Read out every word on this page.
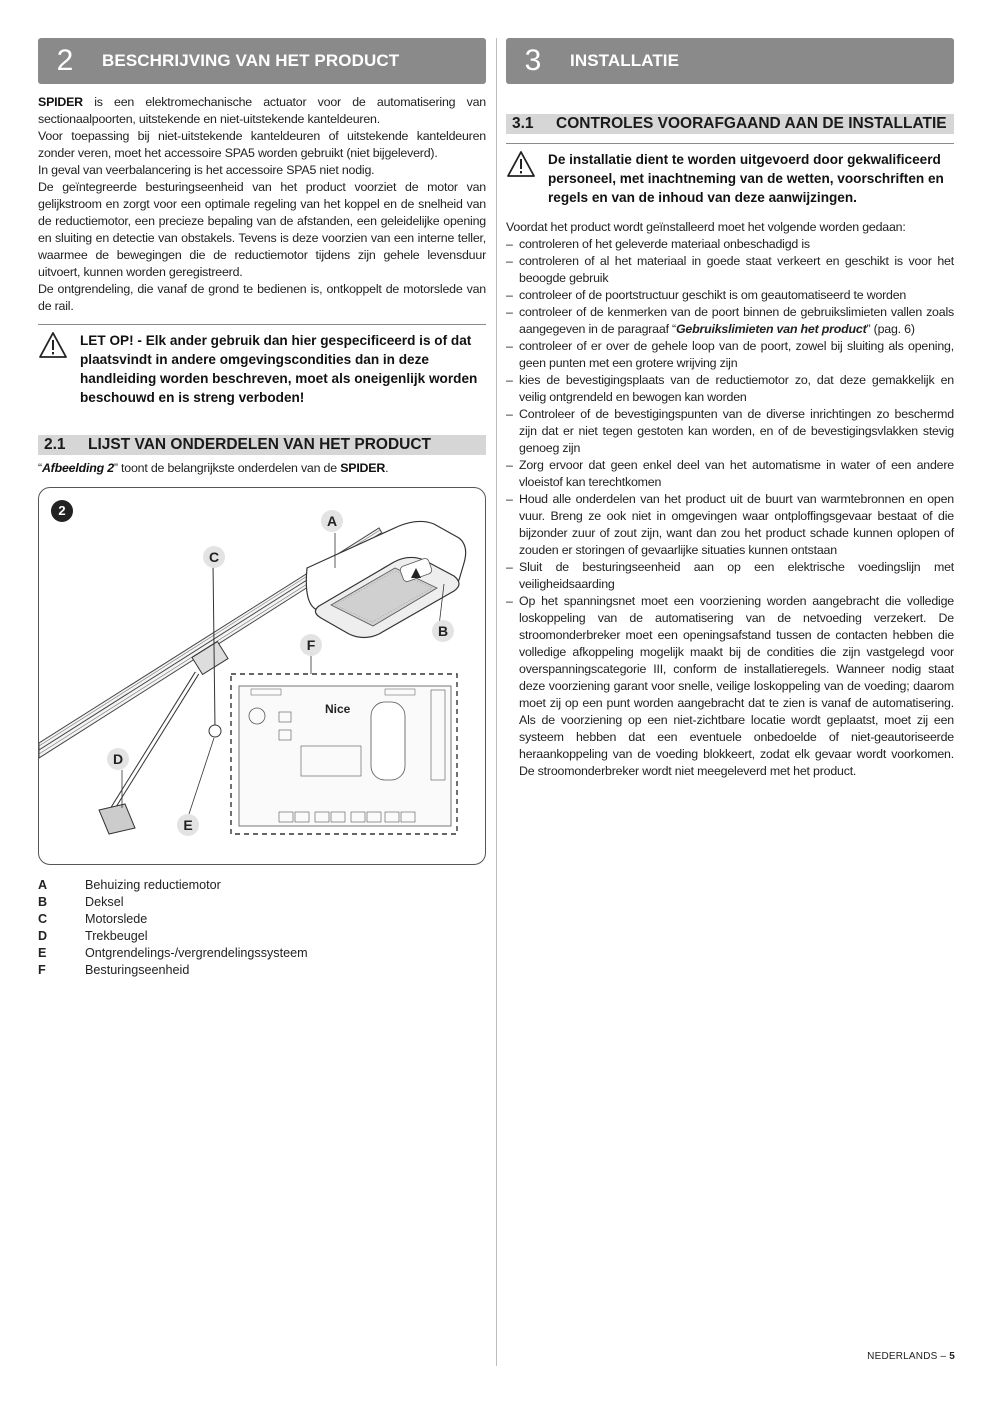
2	BESCHRIJVING VAN HET PRODUCT

SPIDER is een elektromechanische actuator voor de automatisering van sectionaalpoorten, uitstekende en niet-uitstekende kanteldeuren.

Voor toepassing bij niet-uitstekende kanteldeuren of uitstekende kanteldeuren zonder veren, moet het accessoire SPA5 worden gebruikt (niet bijgeleverd).

In geval van veerbalancering is het accessoire SPA5 niet nodig.

De geïntegreerde besturingseenheid van het product voorziet de motor van gelijkstroom en zorgt voor een optimale regeling van het koppel en de snelheid van de reductiemotor, een precieze bepaling van de afstanden, een geleidelijke opening en sluiting en detectie van obstakels. Tevens is deze voorzien van een interne teller, waarmee de bewegingen die de reductiemotor tijdens zijn gehele levensduur uitvoert, kunnen worden geregistreerd.

De ontgrendeling, die vanaf de grond te bedienen is, ontkoppelt de motorslede van de rail.

LET OP! - Elk ander gebruik dan hier gespecificeerd is of dat plaatsvindt in andere omgevingscondities dan in deze handleiding worden beschreven, moet als oneigenlijk worden beschouwd en is streng verboden!
2.1	LIJST VAN ONDERDELEN VAN HET PRODUCT

“Afbeelding 2” toont de belangrijkste onderdelen van de SPIDER.

2
Nice
A
B
C
D
E
F
A	Behuizing reductiemotor
B	Deksel
C	Motorslede
D	Trekbeugel
E	Ontgrendelings-/vergrendelingssysteem
F	Besturingseenheid
3	INSTALLATIE
3.1	CONTROLES VOORAFGAAND AAN DE INSTALLATIE
De installatie dient te worden uitgevoerd door gekwalificeerd personeel, met inachtneming van de wetten, voorschriften en regels en van de inhoud van deze aanwijzingen.

Voordat het product wordt geïnstalleerd moet het volgende worden gedaan:

– controleren of het geleverde materiaal onbeschadigd is
– controleren of al het materiaal in goede staat verkeert en geschikt is voor het beoogde gebruik
– controleer of de poortstructuur geschikt is om geautomatiseerd te worden
– controleer of de kenmerken van de poort binnen de gebruikslimieten vallen zoals aangegeven in de paragraaf “Gebruikslimieten van het product” (pag. 6)
– controleer of er over de gehele loop van de poort, zowel bij sluiting als opening, geen punten met een grotere wrijving zijn
– kies de bevestigingsplaats van de reductiemotor zo, dat deze gemakkelijk en veilig ontgrendeld en bewogen kan worden
– Controleer of de bevestigingspunten van de diverse inrichtingen zo beschermd zijn dat er niet tegen gestoten kan worden, en of de bevestigingsvlakken stevig genoeg zijn
– Zorg ervoor dat geen enkel deel van het automatisme in water of een andere vloeistof kan terechtkomen
– Houd alle onderdelen van het product uit de buurt van warmtebronnen en open vuur. Breng ze ook niet in omgevingen waar ontploffingsgevaar bestaat of die bijzonder zuur of zout zijn, want dan zou het product schade kunnen oplopen of zouden er storingen of gevaarlijke situaties kunnen ontstaan
– Sluit de besturingseenheid aan op een elektrische voedingslijn met veiligheidsaarding
– Op het spanningsnet moet een voorziening worden aangebracht die volledige loskoppeling van de automatisering van de netvoeding verzekert. De stroomonderbreker moet een openingsafstand tussen de contacten hebben die volledige afkoppeling mogelijk maakt bij de condities die zijn vastgelegd voor overspanningscategorie III, conform de installatieregels. Wanneer nodig staat deze voorziening garant voor snelle, veilige loskoppeling van de voeding; daarom moet zij op een punt worden aangebracht dat te zien is vanaf de automatisering. Als de voorziening op een niet-zichtbare locatie wordt geplaatst, moet zij een systeem hebben dat een eventuele onbedoelde of niet-geautoriseerde heraankoppeling van de voeding blokkeert, zodat elk gevaar wordt voorkomen. De stroomonderbreker wordt niet meegeleverd met het product.
NEDERLANDS – 5
